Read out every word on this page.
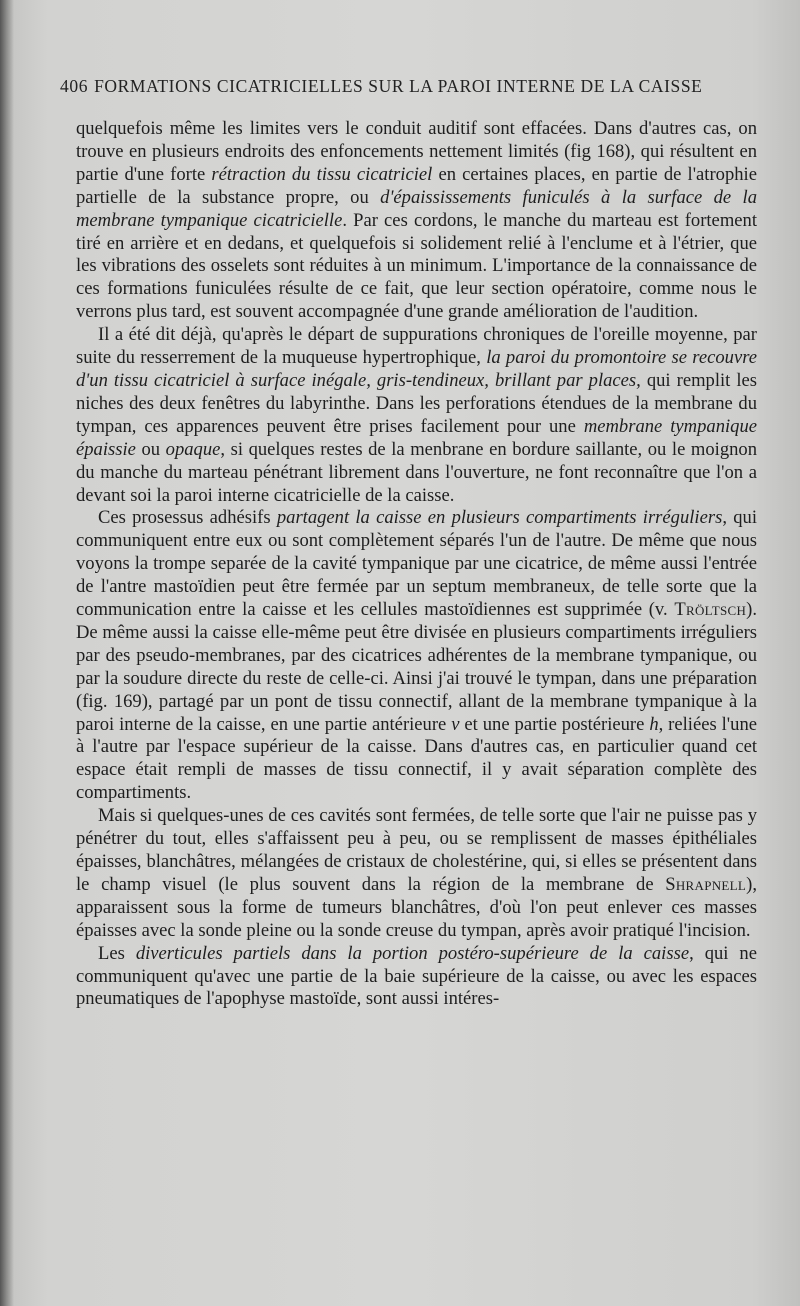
406 FORMATIONS CICATRICIELLES SUR LA PAROI INTERNE DE LA CAISSE

quelquefois même les limites vers le conduit auditif sont effacées. Dans d'autres cas, on trouve en plusieurs endroits des enfoncements nettement limités (fig 168), qui résultent en partie d'une forte rétraction du tissu cicatriciel en certaines places, en partie de l'atrophie partielle de la substance propre, ou d'épaississements funiculés à la surface de la membrane tympanique cicatricielle. Par ces cordons, le manche du marteau est fortement tiré en arrière et en dedans, et quelquefois si solidement relié à l'enclume et à l'étrier, que les vibrations des osselets sont réduites à un minimum. L'importance de la connaissance de ces formations funiculées résulte de ce fait, que leur section opératoire, comme nous le verrons plus tard, est souvent accompagnée d'une grande amélioration de l'audition.

Il a été dit déjà, qu'après le départ de suppurations chroniques de l'oreille moyenne, par suite du resserrement de la muqueuse hypertrophique, la paroi du promontoire se recouvre d'un tissu cicatriciel à surface inégale, gris-tendineux, brillant par places, qui remplit les niches des deux fenêtres du labyrinthe. Dans les perforations étendues de la membrane du tympan, ces apparences peuvent être prises facilement pour une membrane tympanique épaissie ou opaque, si quelques restes de la menbrane en bordure saillante, ou le moignon du manche du marteau pénétrant librement dans l'ouverture, ne font reconnaître que l'on a devant soi la paroi interne cicatricielle de la caisse.

Ces prosessus adhésifs partagent la caisse en plusieurs compartiments irréguliers, qui communiquent entre eux ou sont complètement séparés l'un de l'autre. De même que nous voyons la trompe separée de la cavité tympanique par une cicatrice, de même aussi l'entrée de l'antre mastoïdien peut être fermée par un septum membraneux, de telle sorte que la communication entre la caisse et les cellules mastoïdiennes est supprimée (v. Tröltsch). De même aussi la caisse elle-même peut être divisée en plusieurs compartiments irréguliers par des pseudo-membranes, par des cicatrices adhérentes de la membrane tympanique, ou par la soudure directe du reste de celle-ci. Ainsi j'ai trouvé le tympan, dans une préparation (fig. 169), partagé par un pont de tissu connectif, allant de la membrane tympanique à la paroi interne de la caisse, en une partie antérieure v et une partie postérieure h, reliées l'une à l'autre par l'espace supérieur de la caisse. Dans d'autres cas, en particulier quand cet espace était rempli de masses de tissu connectif, il y avait séparation complète des compartiments.

Mais si quelques-unes de ces cavités sont fermées, de telle sorte que l'air ne puisse pas y pénétrer du tout, elles s'affaissent peu à peu, ou se remplissent de masses épithéliales épaisses, blanchâtres, mélangées de cristaux de cholestérine, qui, si elles se présentent dans le champ visuel (le plus souvent dans la région de la membrane de Shrapnell), apparaissent sous la forme de tumeurs blanchâtres, d'où l'on peut enlever ces masses épaisses avec la sonde pleine ou la sonde creuse du tympan, après avoir pratiqué l'incision.

Les diverticules partiels dans la portion postéro-supérieure de la caisse, qui ne communiquent qu'avec une partie de la baie supérieure de la caisse, ou avec les espaces pneumatiques de l'apophyse mastoïde, sont aussi intéres-
